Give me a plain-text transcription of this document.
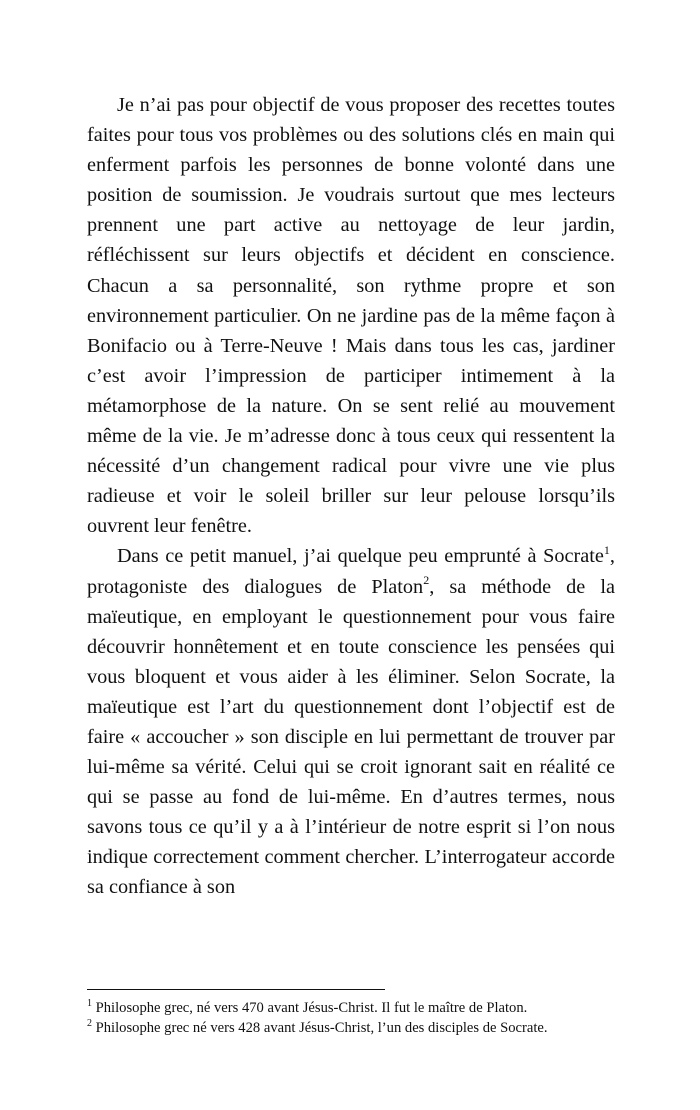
Je n’ai pas pour objectif de vous proposer des recettes toutes faites pour tous vos problèmes ou des solutions clés en main qui enferment parfois les personnes de bonne volonté dans une position de soumission. Je voudrais surtout que mes lecteurs prennent une part active au nettoyage de leur jardin, réfléchissent sur leurs objectifs et décident en conscience. Chacun a sa personnalité, son rythme propre et son environnement particulier. On ne jardine pas de la même façon à Bonifacio ou à Terre-Neuve ! Mais dans tous les cas, jardiner c’est avoir l’impression de participer intimement à la métamorphose de la nature. On se sent relié au mouvement même de la vie. Je m’adresse donc à tous ceux qui ressentent la nécessité d’un changement radical pour vivre une vie plus radieuse et voir le soleil briller sur leur pelouse lorsqu’ils ouvrent leur fenêtre.

Dans ce petit manuel, j’ai quelque peu emprunté à Socrate$^1$, protagoniste des dialogues de Platon$^2$, sa méthode de la maïeutique, en employant le questionnement pour vous faire découvrir honnêtement et en toute conscience les pensées qui vous bloquent et vous aider à les éliminer. Selon Socrate, la maïeutique est l’art du questionnement dont l’objectif est de faire « accoucher » son disciple en lui permettant de trouver par lui-même sa vérité. Celui qui se croit ignorant sait en réalité ce qui se passe au fond de lui-même. En d’autres termes, nous savons tous ce qu’il y a à l’intérieur de notre esprit si l’on nous indique correctement comment chercher. L’interrogateur accorde sa confiance à son

$^1$ Philosophe grec, né vers 470 avant Jésus-Christ. Il fut le maître de Platon.

$^2$ Philosophe grec né vers 428 avant Jésus-Christ, l’un des disciples de Socrate.
